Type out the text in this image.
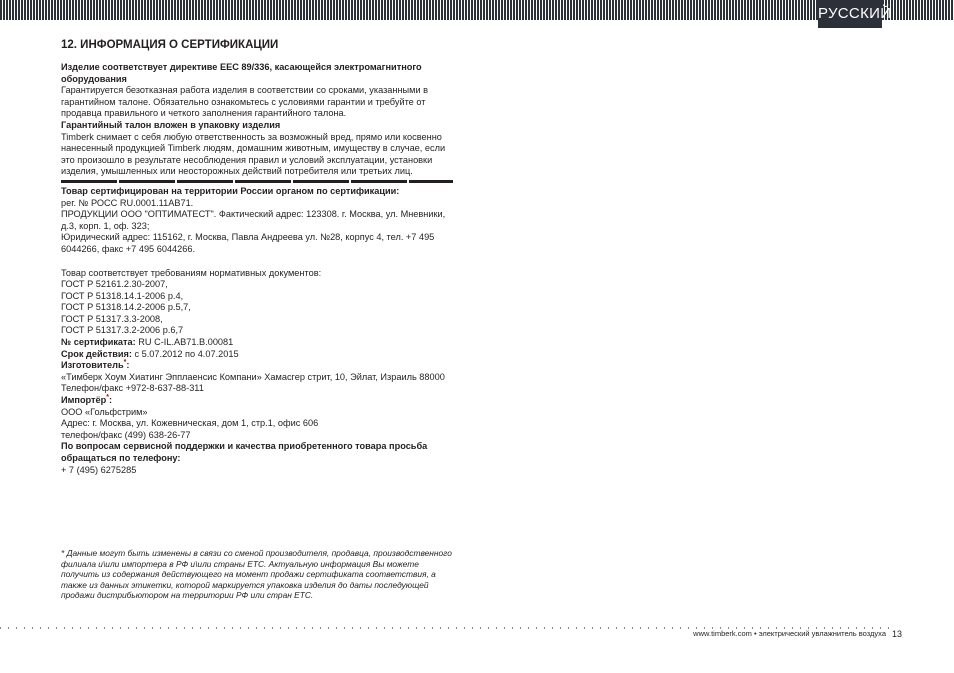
РУССКИЙ
12. ИНФОРМАЦИЯ О СЕРТИФИКАЦИИ

Изделие соответствует директиве ЕЕС 89/336, касающейся электромагнитного оборудования

Гарантируется безотказная работа изделия в соответствии со сроками, указанными в гарантийном талоне. Обязательно ознакомьтесь с условиями гарантии и требуйте от продавца правильного и четкого заполнения гарантийного талона.

Гарантийный талон вложен в упаковку изделия

Timberk снимает с себя любую ответственность за возможный вред, прямо или косвенно нанесенный продукцией Timberk людям, домашним животным, имуществу в случае, если это произошло в результате несоблюдения правил и условий эксплуатации, установки изделия, умышленных или неосторожных действий потребителя или третьих лиц.

Товар сертифицирован на территории России органом по сертификации:

рег. № РОСС RU.0001.11АВ71.

ПРОДУКЦИИ ООО "ОПТИМАТЕСТ". Фактический адрес: 123308. г. Москва, ул. Мневники, д.3, корп. 1, оф. 323;

Юридический адрес: 115162, г. Москва, Павла Андреева ул. №28, корпус 4, тел. +7 495 6044266, факс +7 495 6044266.

Товар соответствует требованиям нормативных документов:

ГОСТ Р 52161.2.30-2007,

ГОСТ Р 51318.14.1-2006 р.4,

ГОСТ Р 51318.14.2-2006 р.5,7,

ГОСТ Р 51317.3.3-2008,

ГОСТ Р 51317.3.2-2006 р.6,7

№ сертификата: RU C-IL.AB71.B.00081

Срок действия: с 5.07.2012 по 4.07.2015

Изготовитель*:

«Тимберк Хоум Хиатинг Эпплаенсис Компани» Хамасгер стрит, 10, Эйлат, Израиль 88000

Телефон/факс +972-8-637-88-311

Импортёр*:

ООО «Гольфстрим»

Адрес: г. Москва, ул. Кожевническая, дом 1, стр.1, офис 606

телефон/факс (499) 638-26-77

По вопросам сервисной поддержки и качества приобретенного товара просьба обращаться по телефону:

+ 7 (495) 6275285

* Данные могут быть изменены в связи со сменой производителя, продавца, производственного филиала и\или импортера в РФ и\или страны ЕТС. Актуальную информация Вы можете получить из содержания действующего на момент продажи сертификата соответствия, а также из данных этикетки, которой маркируется упаковка изделия до даты последующей продажи дистрибьютором на территории РФ или стран ЕТС.
www.timberk.com • электрический увлажнитель воздуха 13
